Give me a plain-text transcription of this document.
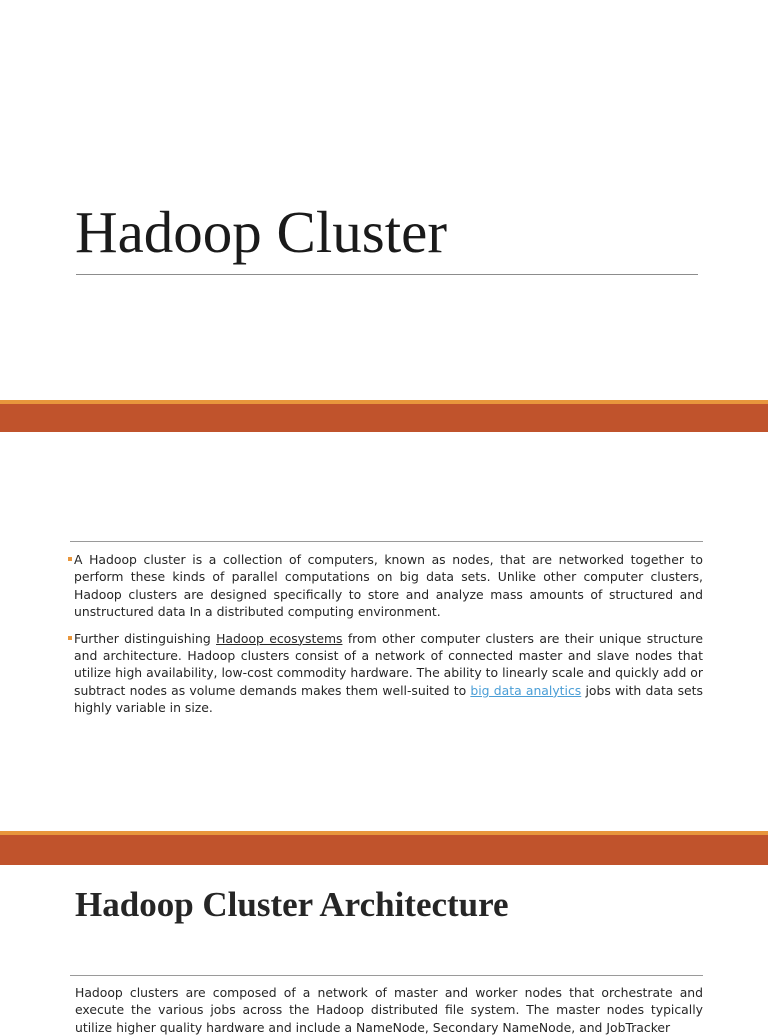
Hadoop Cluster
A Hadoop cluster is a collection of computers, known as nodes, that are networked together to perform these kinds of parallel computations on big data sets. Unlike other computer clusters, Hadoop clusters are designed specifically to store and analyze mass amounts of structured and unstructured data In a distributed computing environment.
Further distinguishing Hadoop ecosystems from other computer clusters are their unique structure and architecture. Hadoop clusters consist of a network of connected master and slave nodes that utilize high availability, low-cost commodity hardware. The ability to linearly scale and quickly add or subtract nodes as volume demands makes them well-suited to big data analytics jobs with data sets highly variable in size.
Hadoop Cluster Architecture

Hadoop clusters are composed of a network of master and worker nodes that orchestrate and execute the various jobs across the Hadoop distributed file system. The master nodes typically utilize higher quality hardware and include a NameNode, Secondary NameNode, and JobTracker
